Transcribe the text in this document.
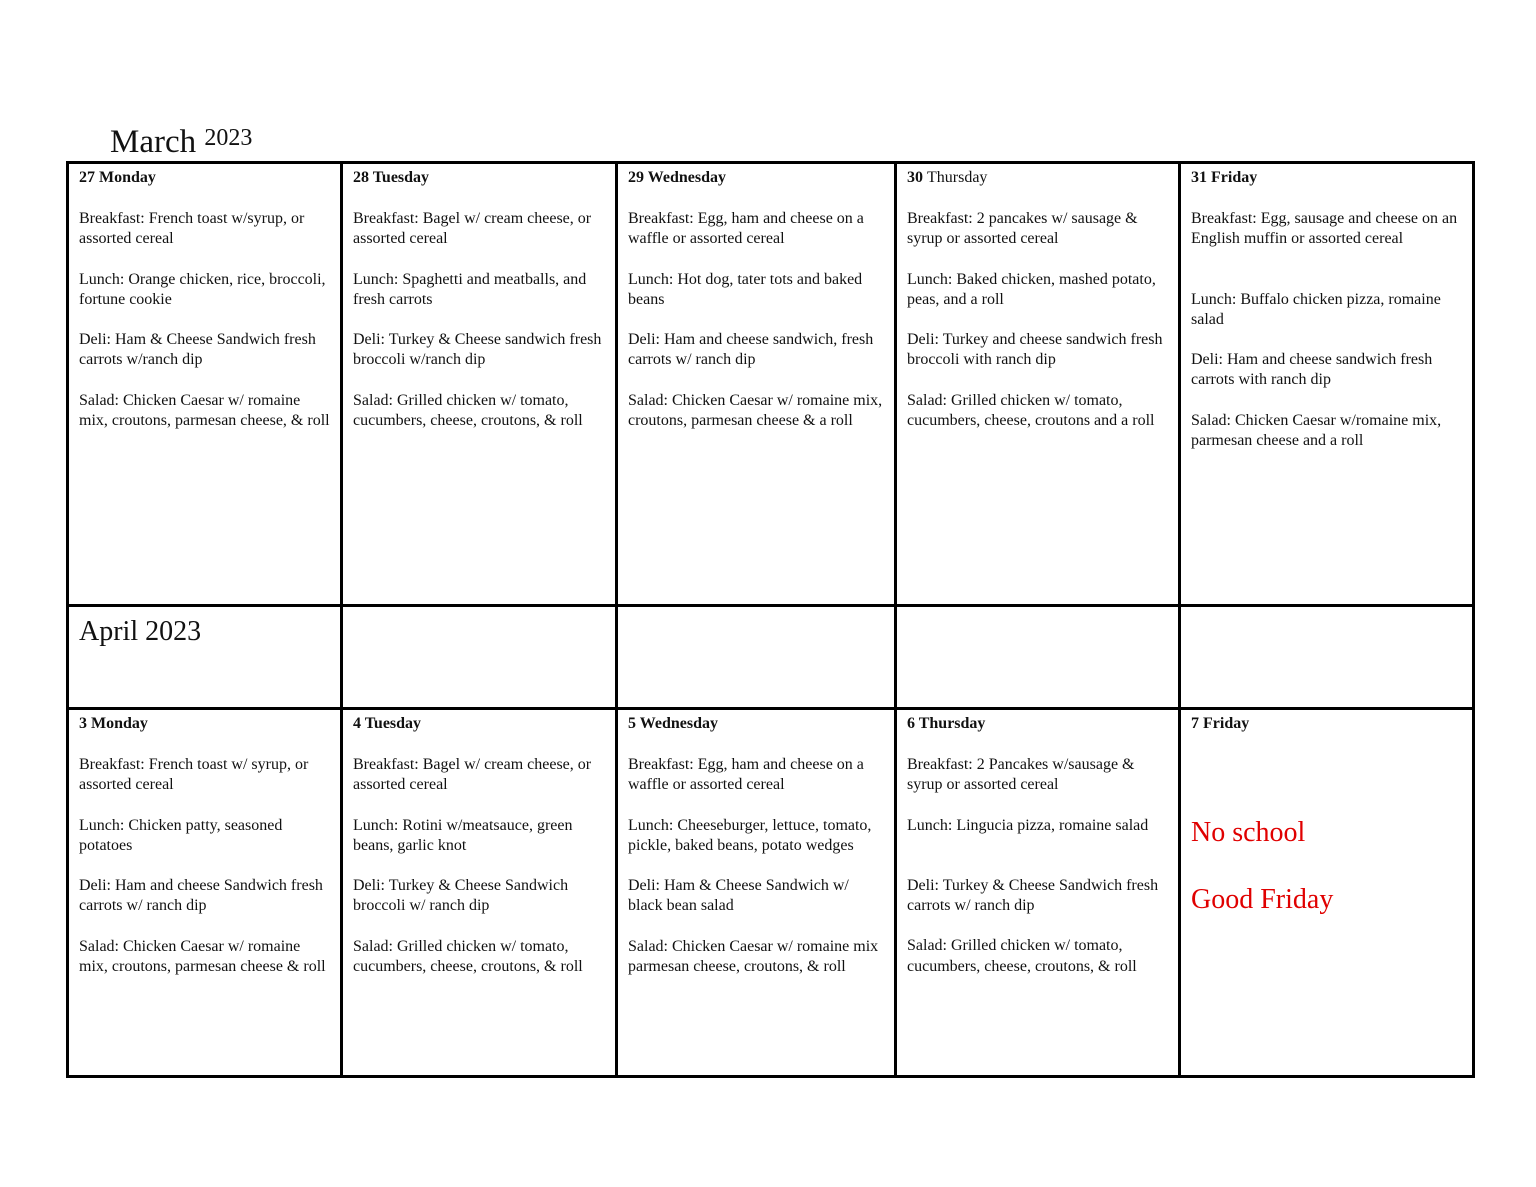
March $^{2023}$
27 Monday
Breakfast: French toast w/syrup, or assorted cereal
Lunch: Orange chicken, rice, broccoli, fortune cookie
Deli: Ham & Cheese Sandwich fresh carrots w/ranch dip
Salad: Chicken Caesar w/ romaine mix, croutons, parmesan cheese, & roll
28 Tuesday
Breakfast: Bagel w/ cream cheese, or assorted cereal
Lunch: Spaghetti and meatballs, and fresh carrots
Deli: Turkey & Cheese sandwich fresh broccoli w/ranch dip
Salad: Grilled chicken w/ tomato, cucumbers, cheese, croutons, & roll
29 Wednesday
Breakfast: Egg, ham and cheese on a waffle or assorted cereal
Lunch: Hot dog, tater tots and baked beans
Deli: Ham and cheese sandwich, fresh carrots w/ ranch dip
Salad: Chicken Caesar w/ romaine mix, croutons, parmesan cheese & a roll
30 Thursday
Breakfast: 2 pancakes w/ sausage & syrup or assorted cereal
Lunch: Baked chicken, mashed potato, peas, and a roll
Deli: Turkey and cheese sandwich fresh broccoli with ranch dip
Salad: Grilled chicken w/ tomato, cucumbers, cheese, croutons and a roll
31 Friday
Breakfast: Egg, sausage and cheese on an English muffin or assorted cereal
Lunch: Buffalo chicken pizza, romaine salad
Deli: Ham and cheese sandwich fresh carrots with ranch dip
Salad: Chicken Caesar w/romaine mix, parmesan cheese and a roll
April 2023
3 Monday
Breakfast: French toast w/ syrup, or assorted cereal
Lunch: Chicken patty, seasoned potatoes
Deli: Ham and cheese Sandwich fresh carrots w/ ranch dip
Salad: Chicken Caesar w/ romaine mix, croutons, parmesan cheese & roll
4 Tuesday
Breakfast: Bagel w/ cream cheese, or assorted cereal
Lunch: Rotini w/meatsauce, green beans, garlic knot
Deli: Turkey & Cheese Sandwich broccoli w/ ranch dip
Salad: Grilled chicken w/ tomato, cucumbers, cheese, croutons, & roll
5 Wednesday
Breakfast: Egg, ham and cheese on a waffle or assorted cereal
Lunch: Cheeseburger, lettuce, tomato, pickle, baked beans, potato wedges
Deli: Ham & Cheese Sandwich w/ black bean salad
Salad: Chicken Caesar w/ romaine mix parmesan cheese, croutons, & roll
6 Thursday
Breakfast: 2 Pancakes w/sausage & syrup or assorted cereal
Lunch: Lingucia pizza, romaine salad
Deli: Turkey & Cheese Sandwich fresh carrots w/ ranch dip
Salad: Grilled chicken w/ tomato, cucumbers, cheese, croutons, & roll
7 Friday
No school
Good Friday
